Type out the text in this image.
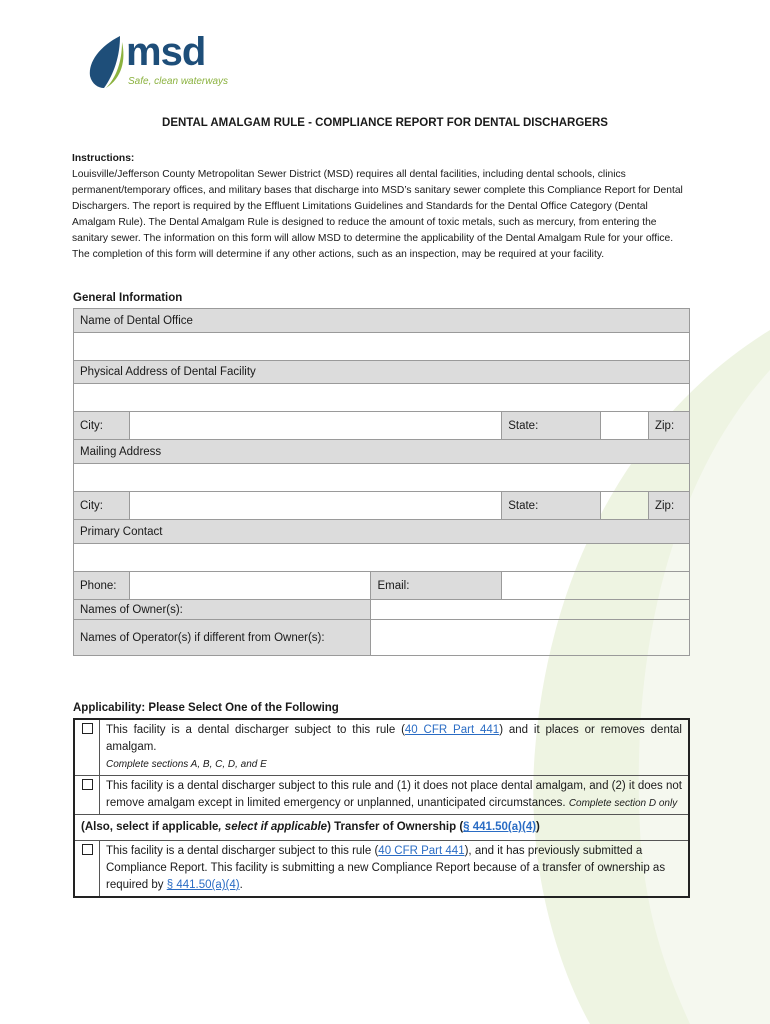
msd
Safe, clean waterways
DENTAL AMALGAM RULE - COMPLIANCE REPORT FOR DENTAL DISCHARGERS
Instructions:
Louisville/Jefferson County Metropolitan Sewer District (MSD) requires all dental facilities, including dental schools, clinics permanent/temporary offices, and military bases that discharge into MSD’s sanitary sewer complete this Compliance Report for Dental Dischargers. The report is required by the Effluent Limitations Guidelines and Standards for the Dental Office Category (Dental Amalgam Rule). The Dental Amalgam Rule is designed to reduce the amount of toxic metals, such as mercury, from entering the sanitary sewer. The information on this form will allow MSD to determine the applicability of the Dental Amalgam Rule for your office. The completion of this form will determine if any other actions, such as an inspection, may be required at your facility.
General Information
Name of Dental Office					

Physical Address of Dental Facility					

City:			State:		Zip:
Mailing Address					

City:			State:		Zip:
Primary Contact					

Phone:		Email:			
Names of Owner(s):					
Names of Operator(s) if different from Owner(s):					
Applicability: Please Select One of the Following
	This facility is a dental discharger subject to this rule (40 CFR Part 441) and it places or removes dental amalgam.
Complete sections A, B, C, D, and E
	This facility is a dental discharger subject to this rule and (1) it does not place dental amalgam, and (2) it does not remove amalgam except in limited emergency or unplanned, unanticipated circumstances. Complete section D only
(Also, select if applicable, select if applicable) Transfer of Ownership (§ 441.50(a)(4))	
	This facility is a dental discharger subject to this rule (40 CFR Part 441), and it has previously submitted a Compliance Report. This facility is submitting a new Compliance Report because of a transfer of ownership as required by § 441.50(a)(4).
